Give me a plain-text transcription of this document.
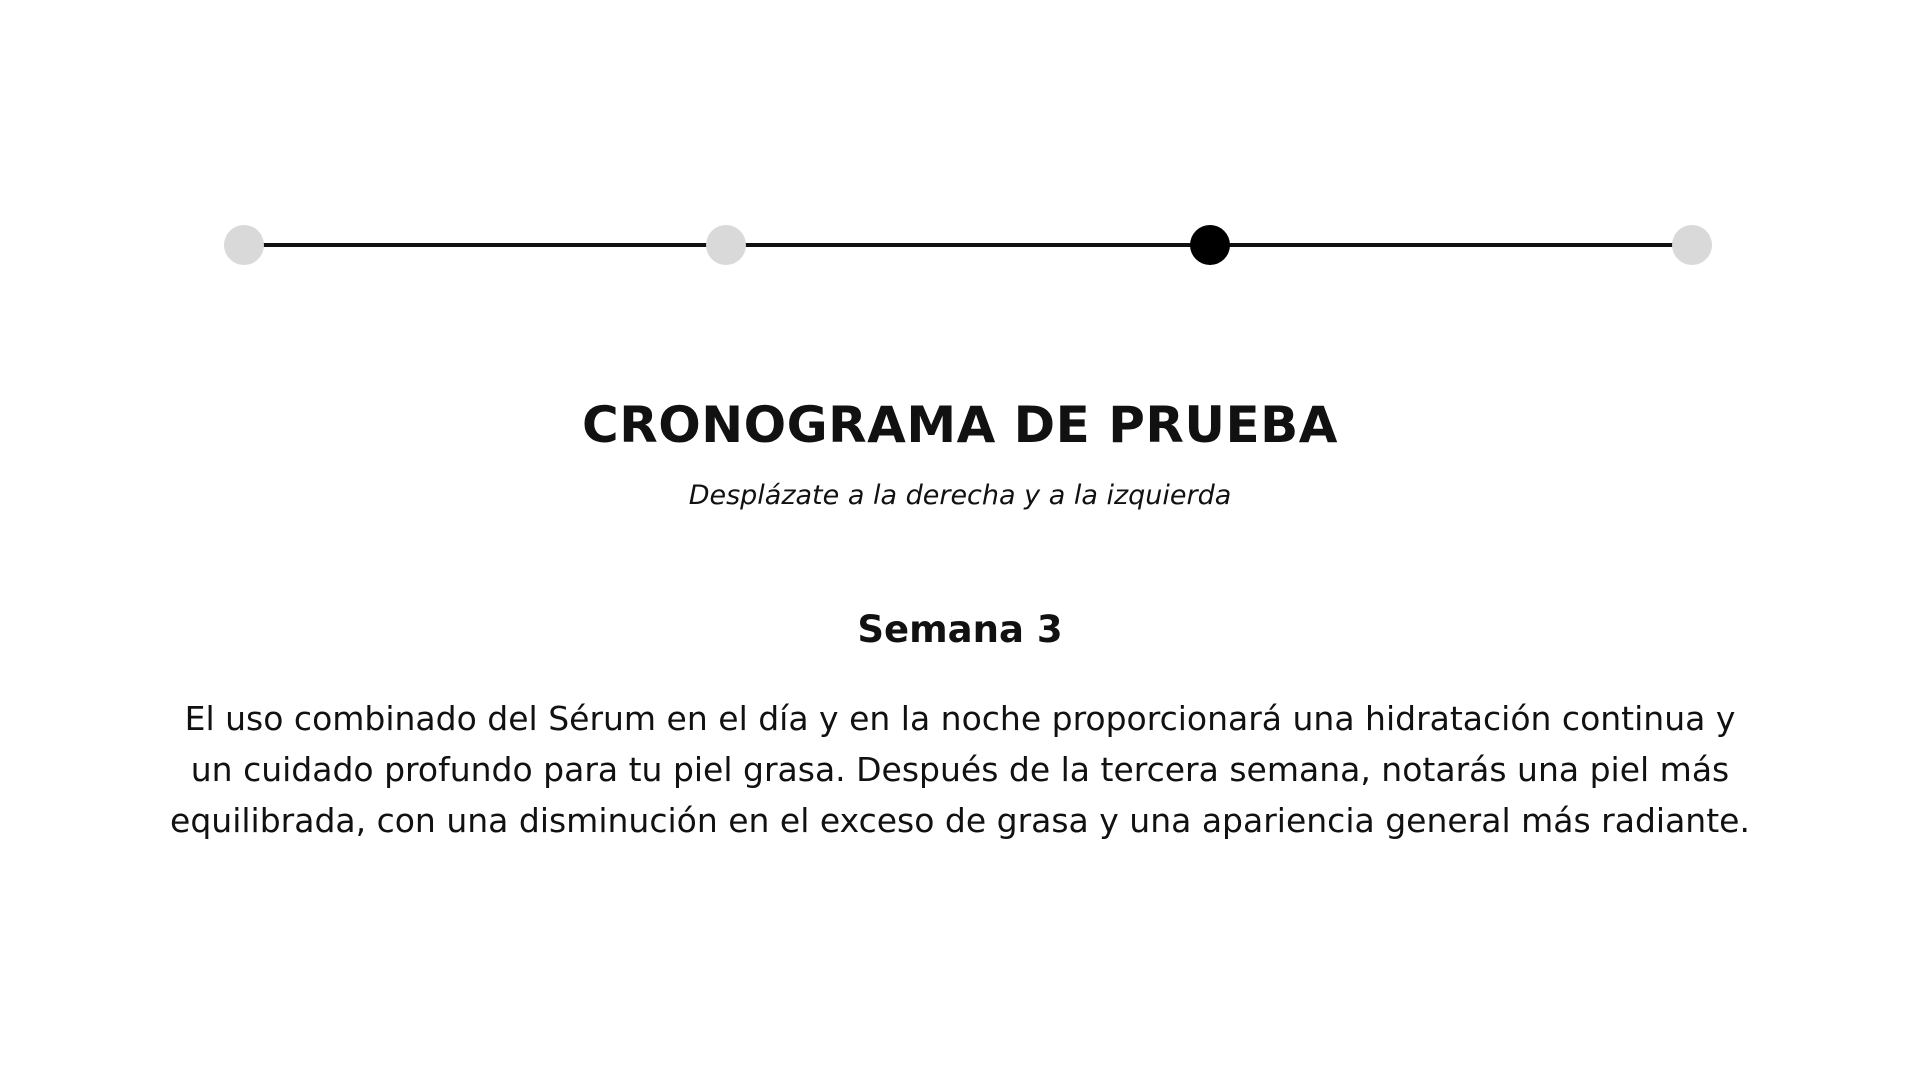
CRONOGRAMA DE PRUEBA

Desplázate a la derecha y a la izquierda

Semana 3

El uso combinado del Sérum en el día y en la noche proporcionará una hidratación continua y un cuidado profundo para tu piel grasa. Después de la tercera semana, notarás una piel más equilibrada, con una disminución en el exceso de grasa y una apariencia general más radiante.
